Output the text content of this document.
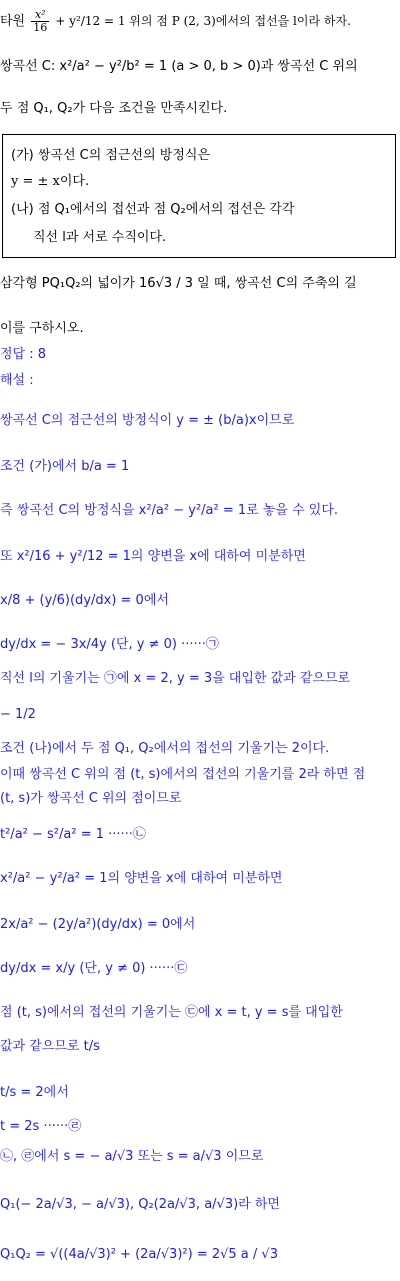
타원 $\frac{\text{x²}}{16} + y^2/12 = 1$ 위의 점 P (2, 3)에서의 접선을 l이라 하자.
쌍곡선 C: x²/a² − y²/b² = 1 (a > 0, b > 0)과 쌍곡선 C 위의
두 점 Q₁, Q₂가 다음 조건을 만족시킨다.
(가) 쌍곡선 C의 점근선의 방정식은
y = ± x이다.
(나) 점 Q₁에서의 접선과 점 Q₂에서의 접선은 각각
직선 l과 서로 수직이다.
삼각형 PQ₁Q₂의 넓이가 16√3 / 3 일 때, 쌍곡선 C의 주축의 길
이를 구하시오.
정답 : 8
해설 :
쌍곡선 C의 점근선의 방정식이 y = ± (b/a)x이므로
조건 (가)에서 b/a = 1
즉 쌍곡선 C의 방정식을 x²/a² − y²/a² = 1로 놓을 수 있다.
또 x²/16 + y²/12 = 1의 양변을 x에 대하여 미분하면
x/8 + (y/6)(dy/dx) = 0에서
dy/dx = − 3x/4y (단, y ≠ 0) ······㉠
직선 l의 기울기는 ㉠에 x = 2, y = 3을 대입한 값과 같으므로
− 1/2
조건 (나)에서 두 점 Q₁, Q₂에서의 접선의 기울기는 2이다.
이때 쌍곡선 C 위의 점 (t, s)에서의 접선의 기울기를 2라 하면 점
(t, s)가 쌍곡선 C 위의 점이므로
t²/a² − s²/a² = 1 ······㉡
x²/a² − y²/a² = 1의 양변을 x에 대하여 미분하면
2x/a² − (2y/a²)(dy/dx) = 0에서
dy/dx = x/y (단, y ≠ 0) ······㉢
점 (t, s)에서의 접선의 기울기는 ㉢에 x = t, y = s를 대입한
값과 같으므로 t/s
t/s = 2에서
t = 2s ······㉣
㉡, ㉣에서 s = − a/√3 또는 s = a/√3 이므로
Q₁(− 2a/√3, − a/√3), Q₂(2a/√3, a/√3)라 하면
Q₁Q₂ = √((4a/√3)² + (2a/√3)²) = 2√5 a / √3
